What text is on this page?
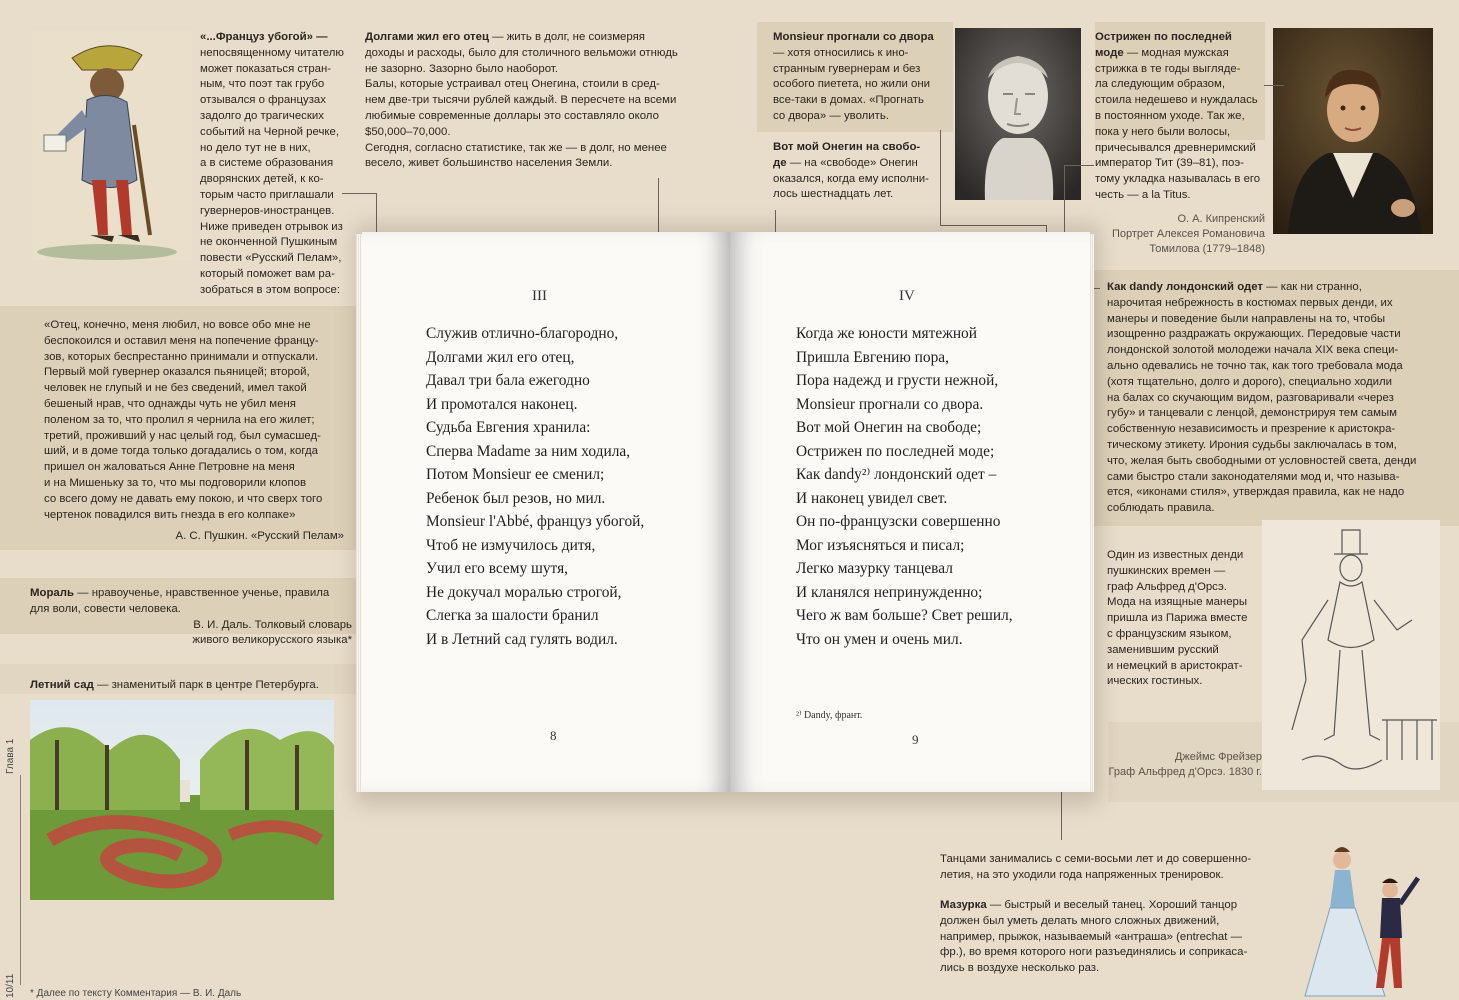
III
Служив отлично-благородно,
Долгами жил его отец,
Давал три бала ежегодно
И промотался наконец.
Судьба Евгения хранила:
Сперва Madame за ним ходила,
Потом Monsieur ее сменил;
Ребенок был резов, но мил.
Monsieur l'Abbé, француз убогой,
Чтоб не измучилось дитя,
Учил его всему шутя,
Не докучал моралью строгой,
Слегка за шалости бранил
И в Летний сад гулять водил.
8
IV
Когда же юности мятежной
Пришла Евгению пора,
Пора надежд и грусти нежной,
Monsieur прогнали со двора.
Вот мой Онегин на свободе;
Острижен по последней моде;
Как dandy²⁾ лондонский одет –
И наконец увидел свет.
Он по-французски совершенно
Мог изъясняться и писал;
Легко мазурку танцевал
И кланялся непринужденно;
Чего ж вам больше? Свет решил,
Что он умен и очень мил.
²⁾ Dandy, франт.
9
«...Француз убогой» —
непосвященному читателю
может показаться стран-
ным, что поэт так грубо
отзывался о французах
задолго до трагических
событий на Черной речке,
но дело тут не в них,
а в системе образования
дворянских детей, к ко-
торым часто приглашали
гувернеров-иностранцев.
Ниже приведен отрывок из
не оконченной Пушкиным
повести «Русский Пелам»,
который поможет вам ра-
зобраться в этом вопросе:
«Отец, конечно, меня любил, но вовсе обо мне не
беспокоился и оставил меня на попечение францу-
зов, которых беспрестанно принимали и отпускали.
Первый мой гувернер оказался пьяницей; второй,
человек не глупый и не без сведений, имел такой
бешеный нрав, что однажды чуть не убил меня
поленом за то, что пролил я чернила на его жилет;
третий, проживший у нас целый год, был сумасшед-
ший, и в доме тогда только догадались о том, когда
пришел он жаловаться Анне Петровне на меня
и на Мишеньку за то, что мы подговорили клопов
со всего дому не давать ему покою, и что сверх того
чертенок повадился вить гнезда в его колпаке»
А. С. Пушкин. «Русский Пелам»
Мораль — нравоученье, нравственное ученье, правила
для воли, совести человека.
В. И. Даль. Толковый словарь
живого великорусского языка*
Летний сад — знаменитый парк в центре Петербурга.
Долгами жил его отец — жить в долг, не соизмеряя
доходы и расходы, было для столичного вельможи отнюдь
не зазорно. Зазорно было наоборот.
Балы, которые устраивал отец Онегина, стоили в сред-
нем две-три тысячи рублей каждый. В пересчете на всеми
любимые современные доллары это составляло около
$50,000–70,000.
Сегодня, согласно статистике, так же — в долг, но менее
весело, живет большинство населения Земли.
Monsieur прогнали со двора
— хотя относились к ино-
странным гувернерам и без
особого пиетета, но жили они
все-таки в домах. «Прогнать
со двора» — уволить.
Вот мой Онегин на свобо-
де — на «свободе» Онегин
оказался, когда ему исполни-
лось шестнадцать лет.
Острижен по последней
моде — модная мужская
стрижка в те годы выгляде-
ла следующим образом,
стоила недешево и нуждалась
в постоянном уходе. Так же,
пока у него были волосы,
причесывался древнеримский
император Тит (39–81), поэ-
тому укладка называлась в его
честь — а la Titus.
О. А. Кипренский
Портрет Алексея Романовича
Томилова (1779–1848)
Как dandy лондонский одет — как ни странно,
нарочитая небрежность в костюмах первых денди, их
манеры и поведение были направлены на то, чтобы
изощренно раздражать окружающих. Передовые части
лондонской золотой молодежи начала XIX века специ-
ально одевались не точно так, как того требовала мода
(хотя тщательно, долго и дорого), специально ходили
на балах со скучающим видом, разговаривали «через
губу» и танцевали с ленцой, демонстрируя тем самым
собственную независимость и презрение к аристокра-
тическому этикету. Ирония судьбы заключалась в том,
что, желая быть свободными от условностей света, денди
сами быстро стали законодателями мод и, что называ-
ется, «иконами стиля», утверждая правила, как не надо
соблюдать правила.
Один из известных денди
пушкинских времен —
граф Альфред д'Орсэ.
Мода на изящные манеры
пришла из Парижа вместе
с французским языком,
заменившим русский
и немецкий в аристократ-
ических гостиных.
Джеймс Фрейзер
Граф Альфред д'Орсэ. 1830 г.
Танцами занимались с семи-восьми лет и до совершенно-
летия, на это уходили года напряженных тренировок.
Мазурка — быстрый и веселый танец. Хороший танцор
должен был уметь делать много сложных движений,
например, прыжок, называемый «антраша» (entrechat —
фр.), во время которого ноги разъединялись и соприкаса-
лись в воздухе несколько раз.
Глава 1
10/11 * Далее по тексту Комментария — В. И. Даль
